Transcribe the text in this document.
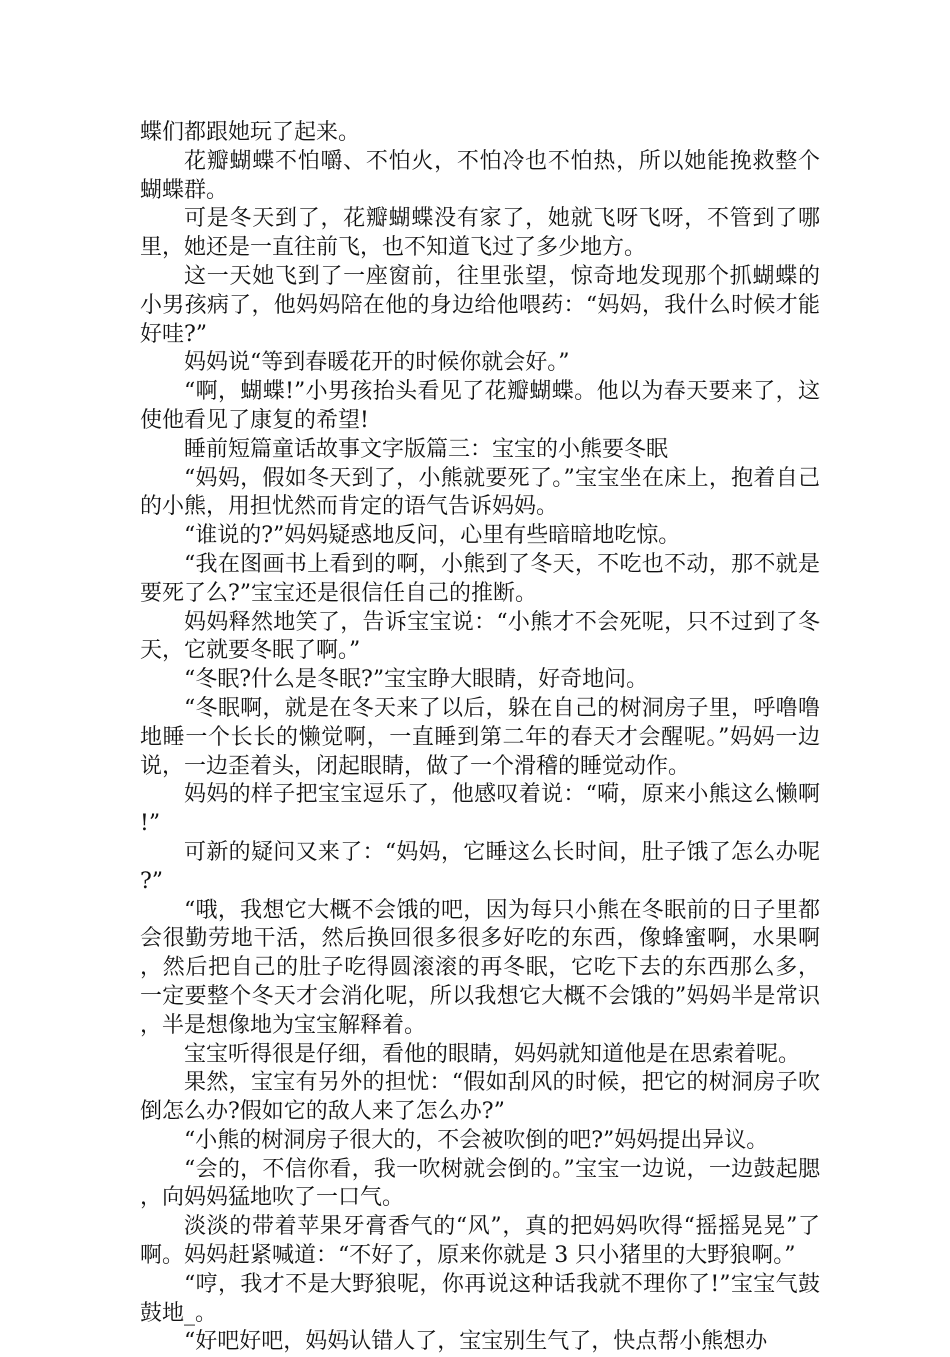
蝶们都跟她玩了起来。

花瓣蝴蝶不怕嚼、不怕火，不怕冷也不怕热，所以她能挽救整个蝴蝶群。

可是冬天到了，花瓣蝴蝶没有家了，她就飞呀飞呀，不管到了哪里，她还是一直往前飞，也不知道飞过了多少地方。

这一天她飞到了一座窗前，往里张望，惊奇地发现那个抓蝴蝶的小男孩病了，他妈妈陪在他的身边给他喂药：“妈妈，我什么时候才能好哇?”

妈妈说“等到春暖花开的时候你就会好。”

“啊，蝴蝶!”小男孩抬头看见了花瓣蝴蝶。他以为春天要来了，这使他看见了康复的希望!

睡前短篇童话故事文字版篇三：宝宝的小熊要冬眠

“妈妈，假如冬天到了，小熊就要死了。”宝宝坐在床上，抱着自己的小熊，用担忧然而肯定的语气告诉妈妈。

“谁说的?”妈妈疑惑地反问，心里有些暗暗地吃惊。

“我在图画书上看到的啊，小熊到了冬天，不吃也不动，那不就是要死了么?”宝宝还是很信任自己的推断。

妈妈释然地笑了，告诉宝宝说：“小熊才不会死呢，只不过到了冬天，它就要冬眠了啊。”

“冬眠?什么是冬眠?”宝宝睁大眼睛，好奇地问。

“冬眠啊，就是在冬天来了以后，躲在自己的树洞房子里，呼噜噜地睡一个长长的懒觉啊，一直睡到第二年的春天才会醒呢。”妈妈一边说，一边歪着头，闭起眼睛，做了一个滑稽的睡觉动作。

妈妈的样子把宝宝逗乐了，他感叹着说：“嗬，原来小熊这么懒啊!”

可新的疑问又来了：“妈妈，它睡这么长时间，肚子饿了怎么办呢?”

“哦，我想它大概不会饿的吧，因为每只小熊在冬眠前的日子里都会很勤劳地干活，然后换回很多很多好吃的东西，像蜂蜜啊，水果啊，然后把自己的肚子吃得圆滚滚的再冬眠，它吃下去的东西那么多，一定要整个冬天才会消化呢，所以我想它大概不会饿的”妈妈半是常识，半是想像地为宝宝解释着。

宝宝听得很是仔细，看他的眼睛，妈妈就知道他是在思索着呢。

果然，宝宝有另外的担忧：“假如刮风的时候，把它的树洞房子吹倒怎么办?假如它的敌人来了怎么办?”

“小熊的树洞房子很大的，不会被吹倒的吧?”妈妈提出异议。

“会的，不信你看，我一吹树就会倒的。”宝宝一边说，一边鼓起腮，向妈妈猛地吹了一口气。

淡淡的带着苹果牙膏香气的“风”，真的把妈妈吹得“摇摇晃晃”了啊。妈妈赶紧喊道：“不好了，原来你就是 3 只小猪里的大野狼啊。”

“哼，我才不是大野狼呢，你再说这种话我就不理你了!”宝宝气鼓鼓地_。

“好吧好吧，妈妈认错人了，宝宝别生气了，快点帮小熊想办
